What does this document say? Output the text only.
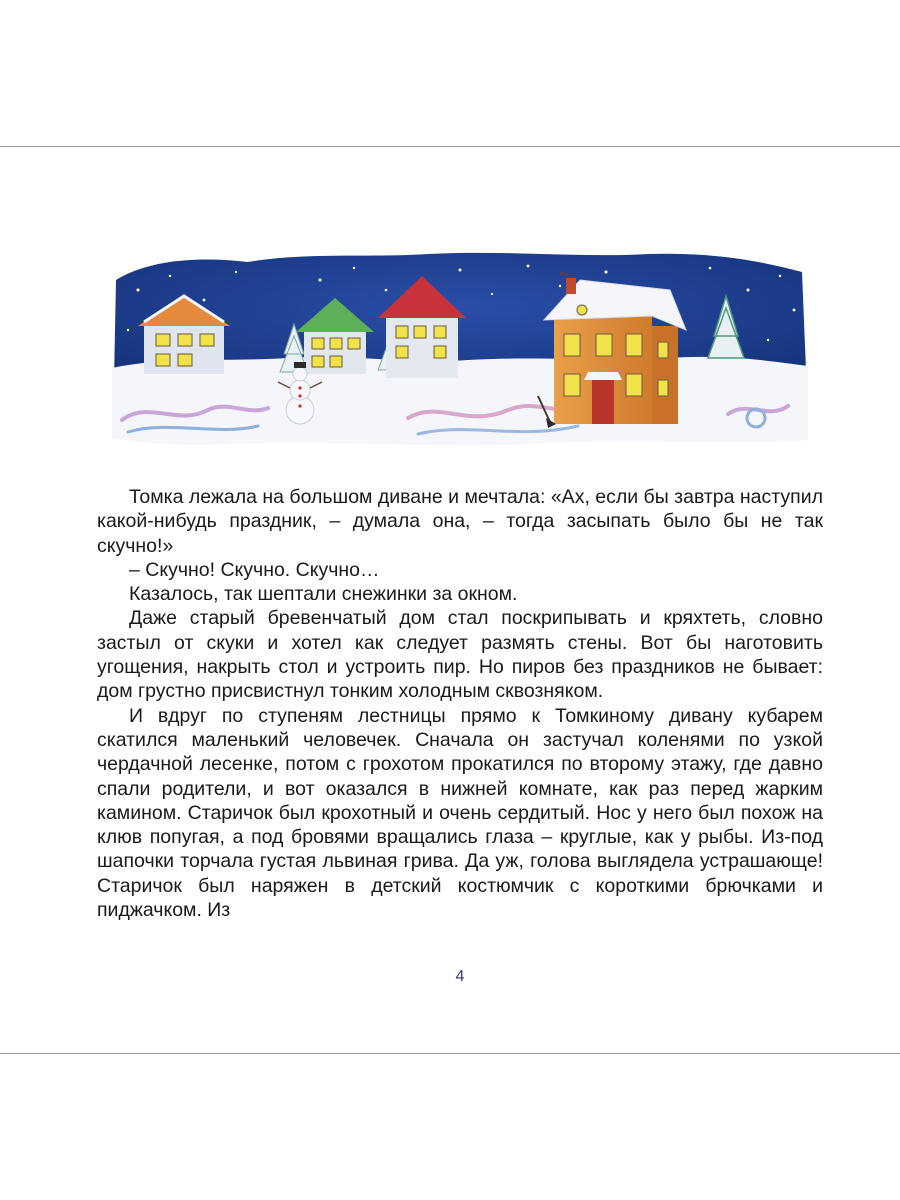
Томка лежала на большом диване и мечтала: «Ах, если бы завтра наступил какой-нибудь праздник, – думала она, – тогда засыпать было бы не так скучно!»

– Скучно! Скучно. Скучно…

Казалось, так шептали снежинки за окном.

Даже старый бревенчатый дом стал поскрипывать и кряхтеть, словно застыл от скуки и хотел как следует размять стены. Вот бы наготовить угощения, накрыть стол и устроить пир. Но пиров без праздников не бывает: дом грустно присвистнул тонким холодным сквозняком.

И вдруг по ступеням лестницы прямо к Томкиному дивану кубарем скатился маленький человечек. Сначала он застучал коленями по узкой чердачной лесенке, потом с грохотом прокатился по второму этажу, где давно спали родители, и вот оказался в нижней комнате, как раз перед жарким камином. Старичок был крохотный и очень сердитый. Нос у него был похож на клюв попугая, а под бровями вращались глаза – круглые, как у рыбы. Из-под шапочки торчала густая львиная грива. Да уж, голова выглядела устрашающе! Старичок был наряжен в детский костюмчик с короткими брючками и пиджачком. Из

4
